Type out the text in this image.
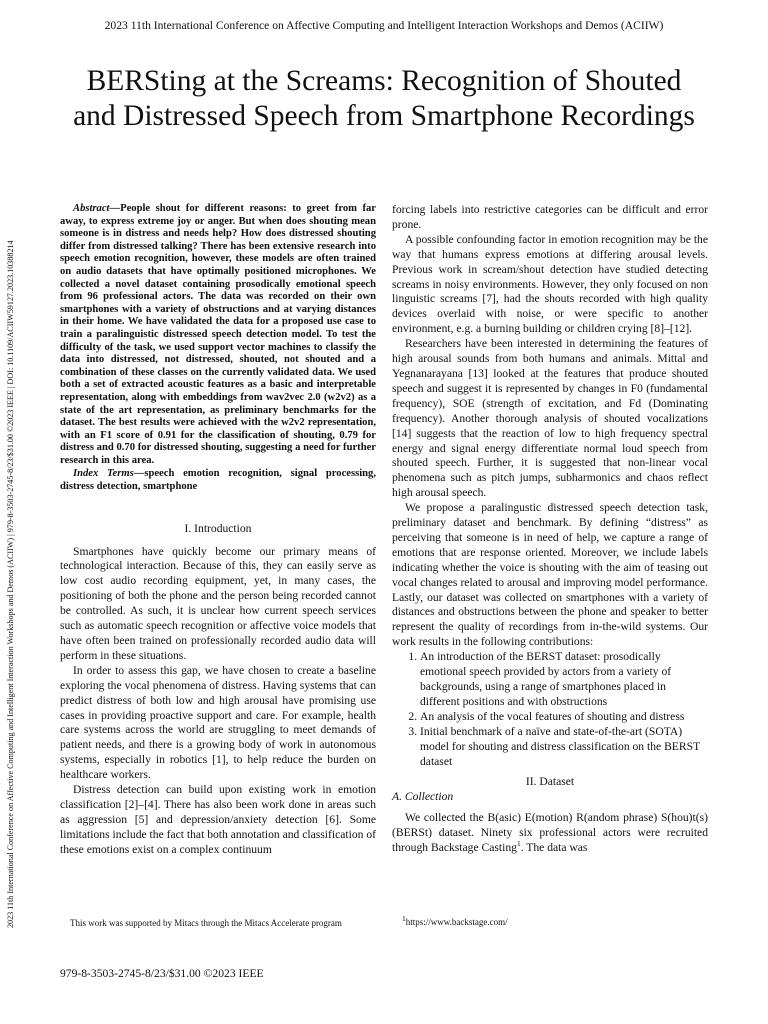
2023 11th International Conference on Affective Computing and Intelligent Interaction Workshops and Demos (ACIIW)
2023 11th International Conference on Affective Computing and Intelligent Interaction Workshops and Demos (ACIIW) | 979-8-3503-2745-8/23/$31.00 ©2023 IEEE | DOI: 10.1109/ACIIW59127.2023.10388214
BERSting at the Screams: Recognition of Shouted
and Distressed Speech from Smartphone Recordings

Abstract—People shout for different reasons: to greet from far away, to express extreme joy or anger. But when does shouting mean someone is in distress and needs help? How does distressed shouting differ from distressed talking? There has been extensive research into speech emotion recognition, however, these models are often trained on audio datasets that have optimally positioned microphones. We collected a novel dataset containing prosodically emotional speech from 96 professional actors. The data was recorded on their own smartphones with a variety of obstructions and at varying distances in their home. We have validated the data for a proposed use case to train a paralinguistic distressed speech detection model. To test the difficulty of the task, we used support vector machines to classify the data into distressed, not distressed, shouted, not shouted and a combination of these classes on the currently validated data. We used both a set of extracted acoustic features as a basic and interpretable representation, along with embeddings from wav2vec 2.0 (w2v2) as a state of the art representation, as preliminary benchmarks for the dataset. The best results were achieved with the w2v2 representation, with an F1 score of 0.91 for the classification of shouting, 0.79 for distress and 0.70 for distressed shouting, suggesting a need for further research in this area.

Index Terms—speech emotion recognition, signal processing, distress detection, smartphone

I. Introduction

Smartphones have quickly become our primary means of technological interaction. Because of this, they can easily serve as low cost audio recording equipment, yet, in many cases, the positioning of both the phone and the person being recorded cannot be controlled. As such, it is unclear how current speech services such as automatic speech recognition or affective voice models that have often been trained on professionally recorded audio data will perform in these situations.

In order to assess this gap, we have chosen to create a baseline exploring the vocal phenomena of distress. Having systems that can predict distress of both low and high arousal have promising use cases in providing proactive support and care. For example, health care systems across the world are struggling to meet demands of patient needs, and there is a growing body of work in autonomous systems, especially in robotics [1], to help reduce the burden on healthcare workers.

Distress detection can build upon existing work in emotion classification [2]–[4]. There has also been work done in areas such as aggression [5] and depression/anxiety detection [6]. Some limitations include the fact that both annotation and classification of these emotions exist on a complex continuum

forcing labels into restrictive categories can be difficult and error prone.

A possible confounding factor in emotion recognition may be the way that humans express emotions at differing arousal levels. Previous work in scream/shout detection have studied detecting screams in noisy environments. However, they only focused on non linguistic screams [7], had the shouts recorded with high quality devices overlaid with noise, or were specific to another environment, e.g. a burning building or children crying [8]–[12].

Researchers have been interested in determining the features of high arousal sounds from both humans and animals. Mittal and Yegnanarayana [13] looked at the features that produce shouted speech and suggest it is represented by changes in F0 (fundamental frequency), SOE (strength of excitation, and Fd (Dominating frequency). Another thorough analysis of shouted vocalizations [14] suggests that the reaction of low to high frequency spectral energy and signal energy differentiate normal loud speech from shouted speech. Further, it is suggested that non-linear vocal phenomena such as pitch jumps, subharmonics and chaos reflect high arousal speech.

We propose a paralingustic distressed speech detection task, preliminary dataset and benchmark. By defining “distress” as perceiving that someone is in need of help, we capture a range of emotions that are response oriented. Moreover, we include labels indicating whether the voice is shouting with the aim of teasing out vocal changes related to arousal and improving model performance. Lastly, our dataset was collected on smartphones with a variety of distances and obstructions between the phone and speaker to better represent the quality of recordings from in-the-wild systems. Our work results in the following contributions:

1. An introduction of the BERST dataset: prosodically emotional speech provided by actors from a variety of backgrounds, using a range of smartphones placed in different positions and with obstructions
2. An analysis of the vocal features of shouting and distress
3. Initial benchmark of a naïve and state-of-the-art (SOTA) model for shouting and distress classification on the BERST dataset
II. Dataset
A. Collection

We collected the B(asic) E(motion) R(andom phrase) S(hou)t(s) (BERSt) dataset. Ninety six professional actors were recruited through Backstage Casting$^1$. The data was

This work was supported by Mitacs through the Mitacs Accelerate program	$^1$https://www.backstage.com/
979-8-3503-2745-8/23/$31.00 ©2023 IEEE
